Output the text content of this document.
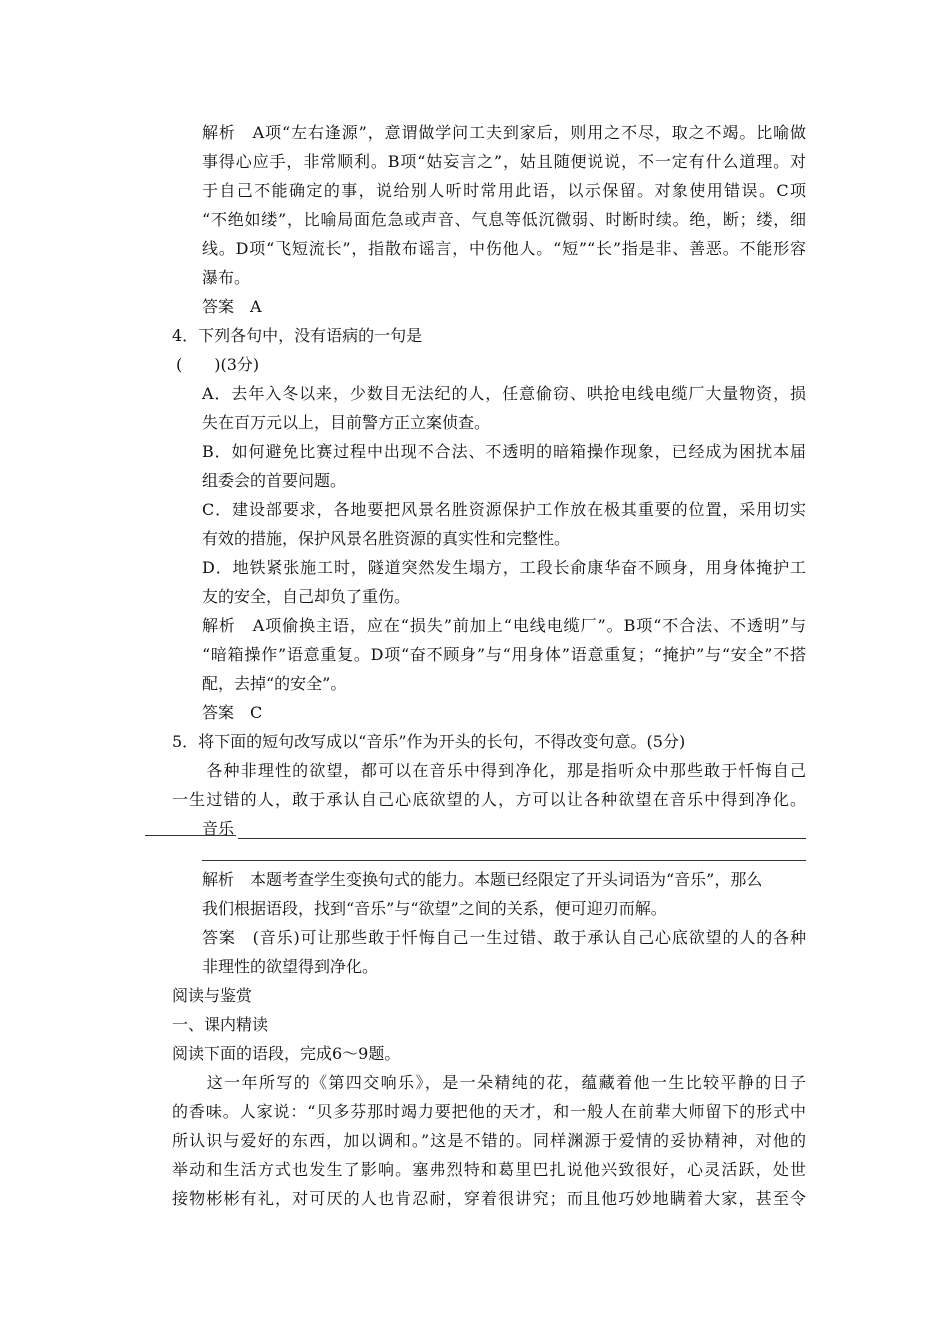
解析　A项“左右逢源”，意谓做学问工夫到家后，则用之不尽，取之不竭。比喻做
事得心应手，非常顺利。B项“姑妄言之”，姑且随便说说，不一定有什么道理。对
于自己不能确定的事，说给别人听时常用此语，以示保留。对象使用错误。C项
“不绝如缕”，比喻局面危急或声音、气息等低沉微弱、时断时续。绝，断；缕，细
线。D项“飞短流长”，指散布谣言，中伤他人。“短”“长”指是非、善恶。不能形容
瀑布。
答案　A
4．下列各句中，没有语病的一句是
(　　)(3分)
A．去年入冬以来，少数目无法纪的人，任意偷窃、哄抢电线电缆厂大量物资，损
失在百万元以上，目前警方正立案侦查。
B．如何避免比赛过程中出现不合法、不透明的暗箱操作现象，已经成为困扰本届
组委会的首要问题。
C．建设部要求，各地要把风景名胜资源保护工作放在极其重要的位置，采用切实
有效的措施，保护风景名胜资源的真实性和完整性。
D．地铁紧张施工时，隧道突然发生塌方，工段长俞康华奋不顾身，用身体掩护工
友的安全，自己却负了重伤。
解析　A项偷换主语，应在“损失”前加上“电线电缆厂”。B项“不合法、不透明”与
“暗箱操作”语意重复。D项“奋不顾身”与“用身体”语意重复；“掩护”与“安全”不搭
配，去掉“的安全”。
答案　C
5．将下面的短句改写成以“音乐”作为开头的长句，不得改变句意。(5分)
　　各种非理性的欲望，都可以在音乐中得到净化，那是指听众中那些敢于忏悔自己
一生过错的人，敢于承认自己心底欲望的人，方可以让各种欲望在音乐中得到净化。
音乐
解析　本题考查学生变换句式的能力。本题已经限定了开头词语为“音乐”，那么
我们根据语段，找到“音乐”与“欲望”之间的关系，便可迎刃而解。
答案　(音乐)可让那些敢于忏悔自己一生过错、敢于承认自己心底欲望的人的各种
非理性的欲望得到净化。
阅读与鉴赏
一、课内精读
阅读下面的语段，完成6～9题。
　　这一年所写的《第四交响乐》，是一朵精纯的花，蕴藏着他一生比较平静的日子
的香味。人家说：“贝多芬那时竭力要把他的天才，和一般人在前辈大师留下的形式中
所认识与爱好的东西，加以调和。”这是不错的。同样渊源于爱情的妥协精神，对他的
举动和生活方式也发生了影响。塞弗烈特和葛里巴扎说他兴致很好，心灵活跃，处世
接物彬彬有礼，对可厌的人也肯忍耐，穿着很讲究；而且他巧妙地瞒着大家，甚至令
